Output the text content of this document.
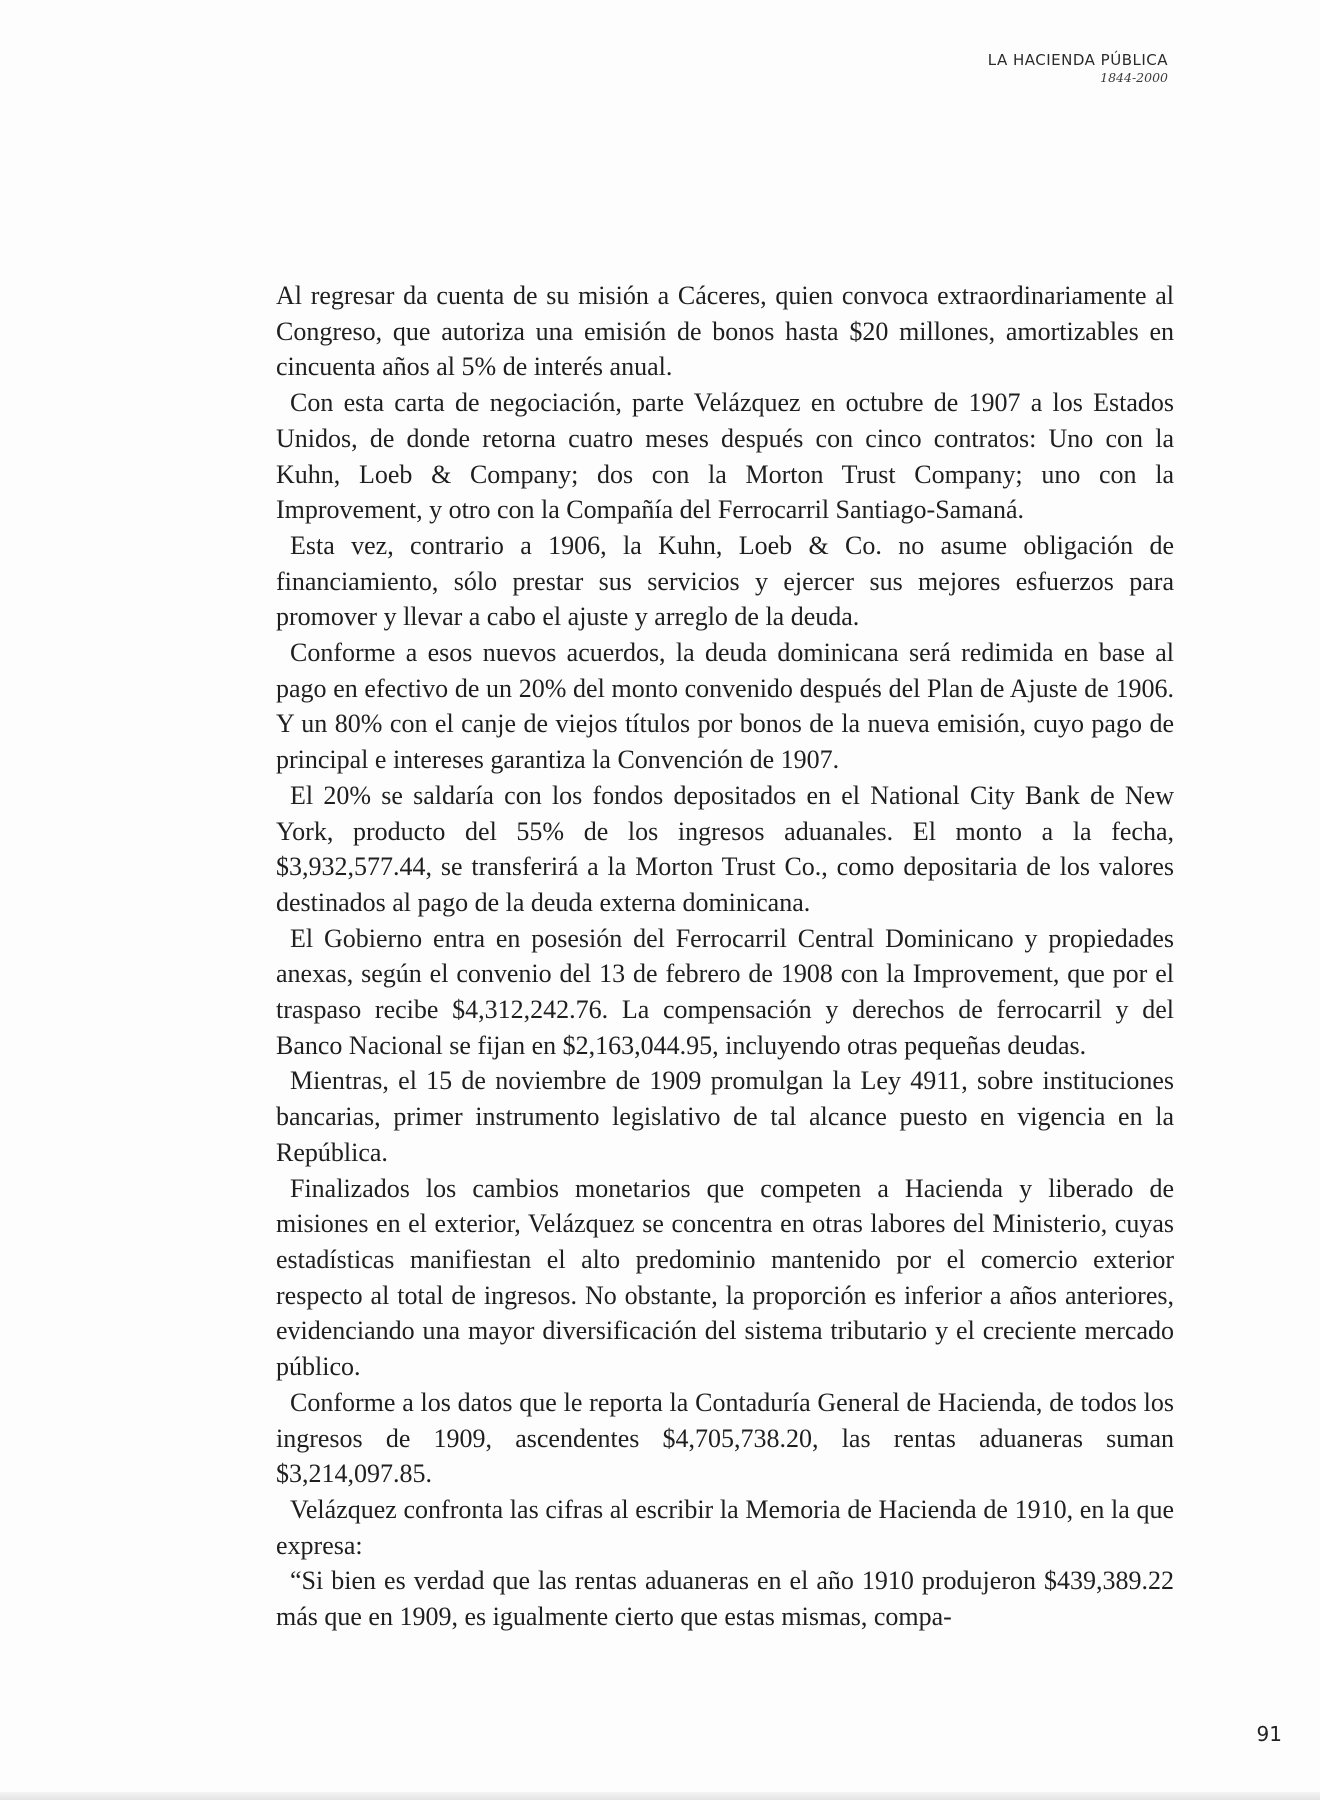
LA HACIENDA PÚBLICA
1844-2000

Al regresar da cuenta de su misión a Cáceres, quien convoca extraordinariamente al Congreso, que autoriza una emisión de bonos hasta $20 millones, amortizables en cincuenta años al 5% de interés anual.

Con esta carta de negociación, parte Velázquez en octubre de 1907 a los Estados Unidos, de donde retorna cuatro meses después con cinco contratos: Uno con la Kuhn, Loeb & Company; dos con la Morton Trust Company; uno con la Improvement, y otro con la Compañía del Ferrocarril Santiago-Samaná.

Esta vez, contrario a 1906, la Kuhn, Loeb & Co. no asume obligación de financiamiento, sólo prestar sus servicios y ejercer sus mejores esfuerzos para promover y llevar a cabo el ajuste y arreglo de la deuda.

Conforme a esos nuevos acuerdos, la deuda dominicana será redimida en base al pago en efectivo de un 20% del monto convenido después del Plan de Ajuste de 1906. Y un 80% con el canje de viejos títulos por bonos de la nueva emisión, cuyo pago de principal e intereses garantiza la Convención de 1907.

El 20% se saldaría con los fondos depositados en el National City Bank de New York, producto del 55% de los ingresos aduanales. El monto a la fecha, $3,932,577.44, se transferirá a la Morton Trust Co., como depositaria de los valores destinados al pago de la deuda externa dominicana.

El Gobierno entra en posesión del Ferrocarril Central Dominicano y propiedades anexas, según el convenio del 13 de febrero de 1908 con la Improvement, que por el traspaso recibe $4,312,242.76. La compensación y derechos de ferrocarril y del Banco Nacional se fijan en $2,163,044.95, incluyendo otras pequeñas deudas.

Mientras, el 15 de noviembre de 1909 promulgan la Ley 4911, sobre instituciones bancarias, primer instrumento legislativo de tal alcance puesto en vigencia en la República.

Finalizados los cambios monetarios que competen a Hacienda y liberado de misiones en el exterior, Velázquez se concentra en otras labores del Ministerio, cuyas estadísticas manifiestan el alto predominio mantenido por el comercio exterior respecto al total de ingresos. No obstante, la proporción es inferior a años anteriores, evidenciando una mayor diversificación del sistema tributario y el creciente mercado público.

Conforme a los datos que le reporta la Contaduría General de Hacienda, de todos los ingresos de 1909, ascendentes $4,705,738.20, las rentas aduaneras suman $3,214,097.85.

Velázquez confronta las cifras al escribir la Memoria de Hacienda de 1910, en la que expresa:

“Si bien es verdad que las rentas aduaneras en el año 1910 produjeron $439,389.22 más que en 1909, es igualmente cierto que estas mismas, compa-

91
